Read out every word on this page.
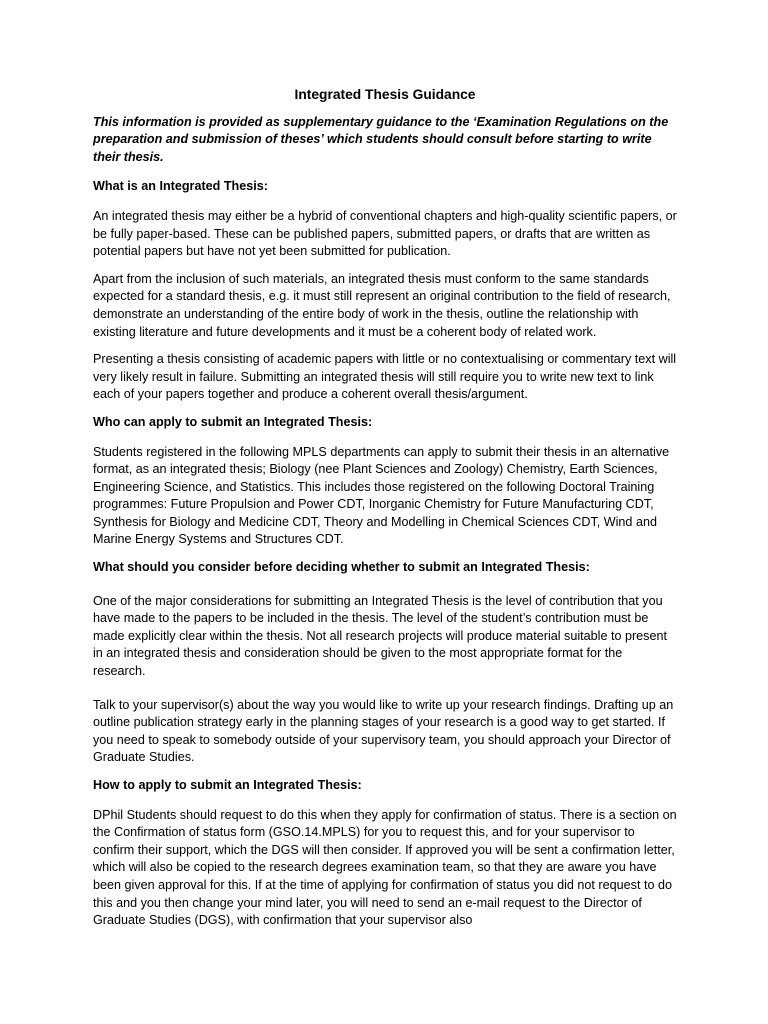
Integrated Thesis Guidance
This information is provided as supplementary guidance to the ‘Examination Regulations on the preparation and submission of theses’ which students should consult before starting to write their thesis.
What is an Integrated Thesis:
An integrated thesis may either be a hybrid of conventional chapters and high-quality scientific papers, or be fully paper-based. These can be published papers, submitted papers, or drafts that are written as potential papers but have not yet been submitted for publication.
Apart from the inclusion of such materials, an integrated thesis must conform to the same standards expected for a standard thesis, e.g. it must still represent an original contribution to the field of research, demonstrate an understanding of the entire body of work in the thesis, outline the relationship with existing literature and future developments and it must be a coherent body of related work.
Presenting a thesis consisting of academic papers with little or no contextualising or commentary text will very likely result in failure. Submitting an integrated thesis will still require you to write new text to link each of your papers together and produce a coherent overall thesis/argument.
Who can apply to submit an Integrated Thesis:
Students registered in the following MPLS departments can apply to submit their thesis in an alternative format, as an integrated thesis; Biology (nee Plant Sciences and Zoology) Chemistry, Earth Sciences, Engineering Science, and Statistics. This includes those registered on the following Doctoral Training programmes: Future Propulsion and Power CDT, Inorganic Chemistry for Future Manufacturing CDT, Synthesis for Biology and Medicine CDT, Theory and Modelling in Chemical Sciences CDT, Wind and Marine Energy Systems and Structures CDT.
What should you consider before deciding whether to submit an Integrated Thesis:
One of the major considerations for submitting an Integrated Thesis is the level of contribution that you have made to the papers to be included in the thesis. The level of the student’s contribution must be made explicitly clear within the thesis. Not all research projects will produce material suitable to present in an integrated thesis and consideration should be given to the most appropriate format for the research.
Talk to your supervisor(s) about the way you would like to write up your research findings. Drafting up an outline publication strategy early in the planning stages of your research is a good way to get started. If you need to speak to somebody outside of your supervisory team, you should approach your Director of Graduate Studies.
How to apply to submit an Integrated Thesis:
DPhil Students should request to do this when they apply for confirmation of status. There is a section on the Confirmation of status form (GSO.14.MPLS) for you to request this, and for your supervisor to confirm their support, which the DGS will then consider. If approved you will be sent a confirmation letter, which will also be copied to the research degrees examination team, so that they are aware you have been given approval for this. If at the time of applying for confirmation of status you did not request to do this and you then change your mind later, you will need to send an e-mail request to the Director of Graduate Studies (DGS), with confirmation that your supervisor also
